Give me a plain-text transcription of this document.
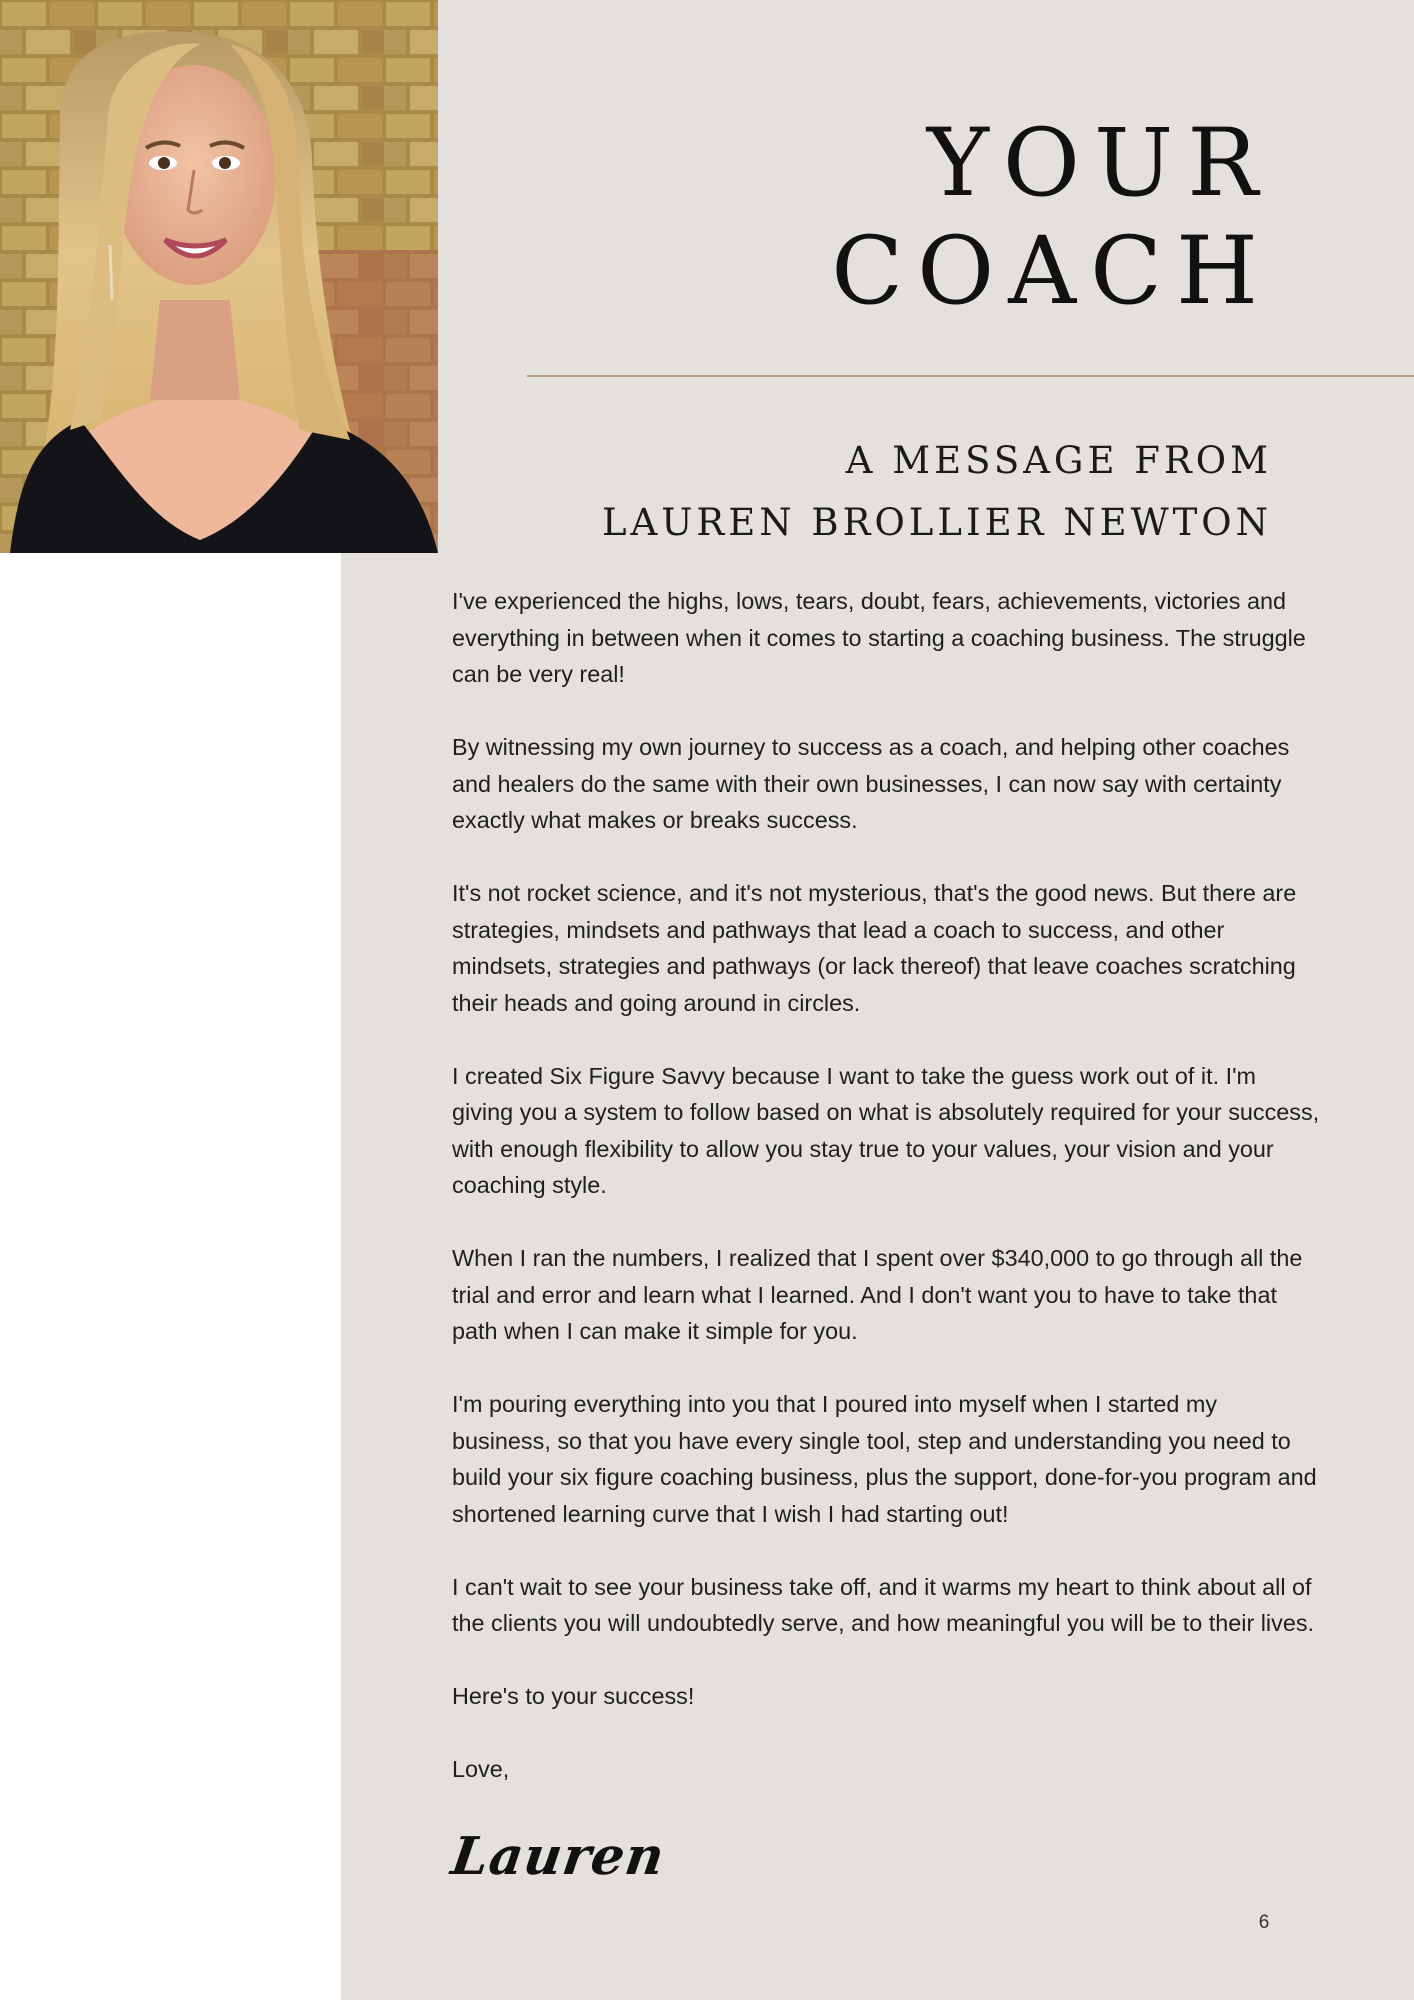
YOUR
COACH
A MESSAGE FROM
LAUREN BROLLIER NEWTON

I've experienced the highs, lows, tears, doubt, fears, achievements, victories and everything in between when it comes to starting a coaching business. The struggle can be very real!

By witnessing my own journey to success as a coach, and helping other coaches and healers do the same with their own businesses, I can now say with certainty exactly what makes or breaks success.

It's not rocket science, and it's not mysterious, that's the good news. But there are strategies, mindsets and pathways that lead a coach to success, and other mindsets, strategies and pathways (or lack thereof) that leave coaches scratching their heads and going around in circles.

I created Six Figure Savvy because I want to take the guess work out of it. I'm giving you a system to follow based on what is absolutely required for your success, with enough flexibility to allow you stay true to your values, your vision and your coaching style.

When I ran the numbers, I realized that I spent over $340,000 to go through all the trial and error and learn what I learned. And I don't want you to have to take that path when I can make it simple for you.

I'm pouring everything into you that I poured into myself when I started my business, so that you have every single tool, step and understanding you need to build your six figure coaching business, plus the support, done-for-you program and shortened learning curve that I wish I had starting out!

I can't wait to see your business take off, and it warms my heart to think about all of the clients you will undoubtedly serve, and how meaningful you will be to their lives.

Here's to your success!

Love,

Lauren
6
